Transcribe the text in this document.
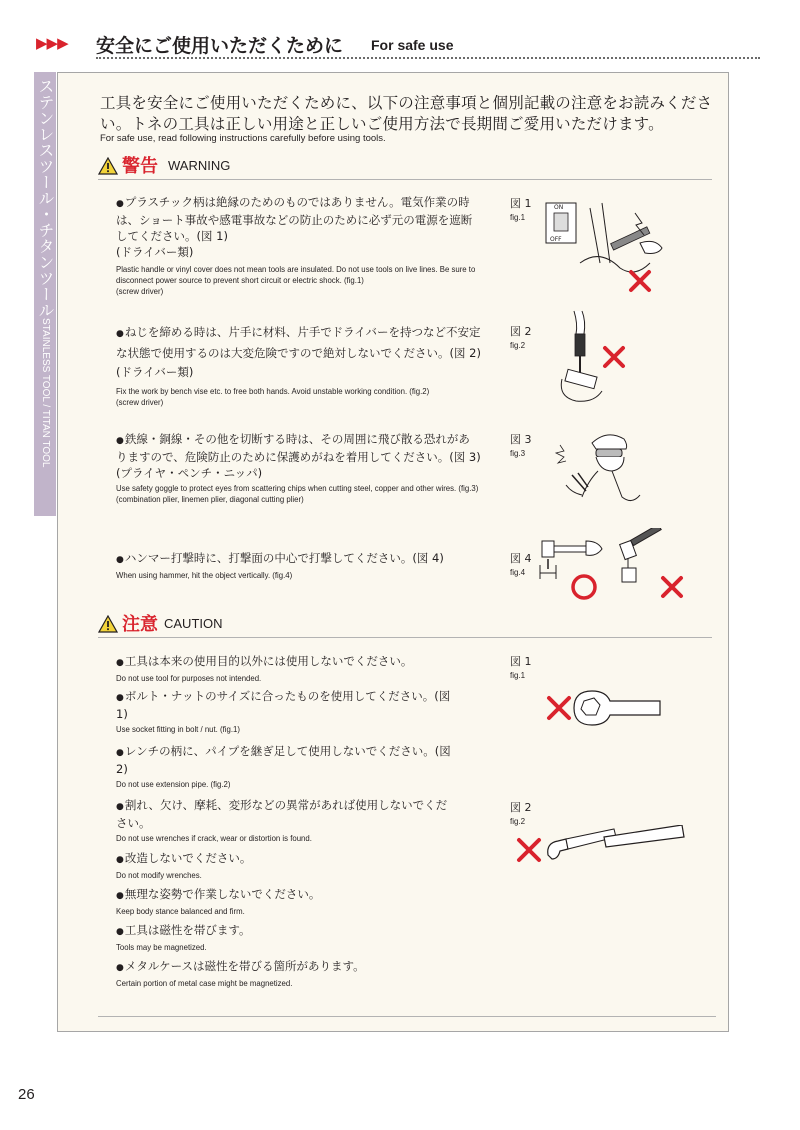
▶▶▶ 安全にご使用いただくために For safe use
ステンレスツール・チタンツールSTAINLESS TOOL / TITAN TOOL
工具を安全にご使用いただくために、以下の注意事項と個別記載の注意をお読みください。トネの工具は正しい用途と正しいご使用方法で長期間ご愛用いただけます。
For safe use, read following instructions carefully before using tools.
警告 WARNING
●プラスチック柄は絶縁のためのものではありません。電気作業の時は、ショート事故や感電事故などの防止のために必ず元の電源を遮断してください。(図 1)
(ドライバー類)
Plastic handle or vinyl cover does not mean tools are insulated. Do not use tools on live lines. Be sure to disconnect power source to prevent short circuit or electric shock. (fig.1)
(screw driver)
図 1
fig.1
ON
OFF
●ねじを締める時は、片手に材料、片手でドライバーを持つなど不安定な状態で使用するのは大変危険ですので絶対しないでください。(図 2)(ドライバー類)
Fix the work by bench vise etc. to free both hands. Avoid unstable working condition. (fig.2)
(screw driver)
図 2
fig.2
●鉄線・銅線・その他を切断する時は、その周囲に飛び散る恐れがありますので、危険防止のために保護めがねを着用してください。(図 3)
(プライヤ・ペンチ・ニッパ)
Use safety goggle to protect eyes from scattering chips when cutting steel, copper and other wires. (fig.3)
(combination plier, linemen plier, diagonal cutting plier)
図 3
fig.3
●ハンマー打撃時に、打撃面の中心で打撃してください。(図 4)
When using hammer, hit the object vertically. (fig.4)
図 4
fig.4
注意 CAUTION
●工具は本来の使用目的以外には使用しないでください。
Do not use tool for purposes not intended.
●ボルト・ナットのサイズに合ったものを使用してください。(図 1)
Use socket fitting in bolt / nut. (fig.1)
●レンチの柄に、パイプを継ぎ足して使用しないでください。(図 2)
Do not use extension pipe. (fig.2)
●割れ、欠け、摩耗、変形などの異常があれば使用しないでください。
Do not use wrenches if crack, wear or distortion is found.
●改造しないでください。
Do not modify wrenches.
●無理な姿勢で作業しないでください。
Keep body stance balanced and firm.
●工具は磁性を帯びます。
Tools may be magnetized.
●メタルケースは磁性を帯びる箇所があります。
Certain portion of metal case might be magnetized.
図 1
fig.1
図 2
fig.2
26
